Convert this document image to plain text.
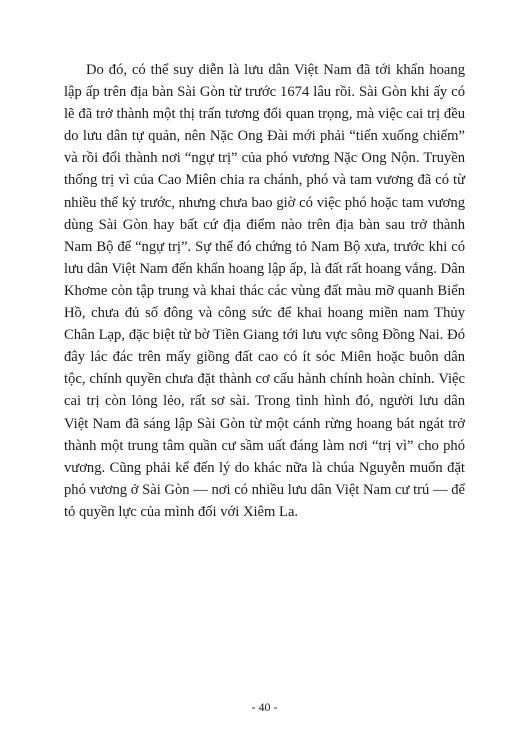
Do đó, có thể suy diễn là lưu dân Việt Nam đã tới khẩn hoang lập ấp trên địa bàn Sài Gòn từ trước 1674 lâu rồi. Sài Gòn khi ấy có lẽ đã trở thành một thị trấn tương đối quan trọng, mà việc cai trị đều do lưu dân tự quản, nên Nặc Ong Đài mới phải “tiến xuống chiếm” và rồi đổi thành nơi “ngự trị” của phó vương Nặc Ong Nộn. Truyền thống trị vì của Cao Miên chia ra chánh, phó và tam vương đã có từ nhiều thế kỷ trước, nhưng chưa bao giờ có việc phó hoặc tam vương dùng Sài Gòn hay bất cứ địa điểm nào trên địa bàn sau trở thành Nam Bộ để “ngự trị”. Sự thể đó chứng tỏ Nam Bộ xưa, trước khi có lưu dân Việt Nam đến khẩn hoang lập ấp, là đất rất hoang vắng. Dân Khơme còn tập trung và khai thác các vùng đất màu mỡ quanh Biển Hồ, chưa đủ số đông và công sức để khai hoang miền nam Thủy Chân Lạp, đặc biệt từ bờ Tiền Giang tới lưu vực sông Đồng Nai. Đó đây lác đác trên mấy giồng đất cao có ít sóc Miên hoặc buôn dân tộc, chính quyền chưa đặt thành cơ cấu hành chính hoàn chỉnh. Việc cai trị còn lỏng lẻo, rất sơ sài. Trong tình hình đó, người lưu dân Việt Nam đã sáng lập Sài Gòn từ một cánh rừng hoang bát ngát trở thành một trung tâm quần cư sầm uất đáng làm nơi “trị vì” cho phó vương. Cũng phải kể đến lý do khác nữa là chúa Nguyễn muốn đặt phó vương ở Sài Gòn — nơi có nhiều lưu dân Việt Nam cư trú — để tỏ quyền lực của mình đối với Xiêm La.

- 40 -
